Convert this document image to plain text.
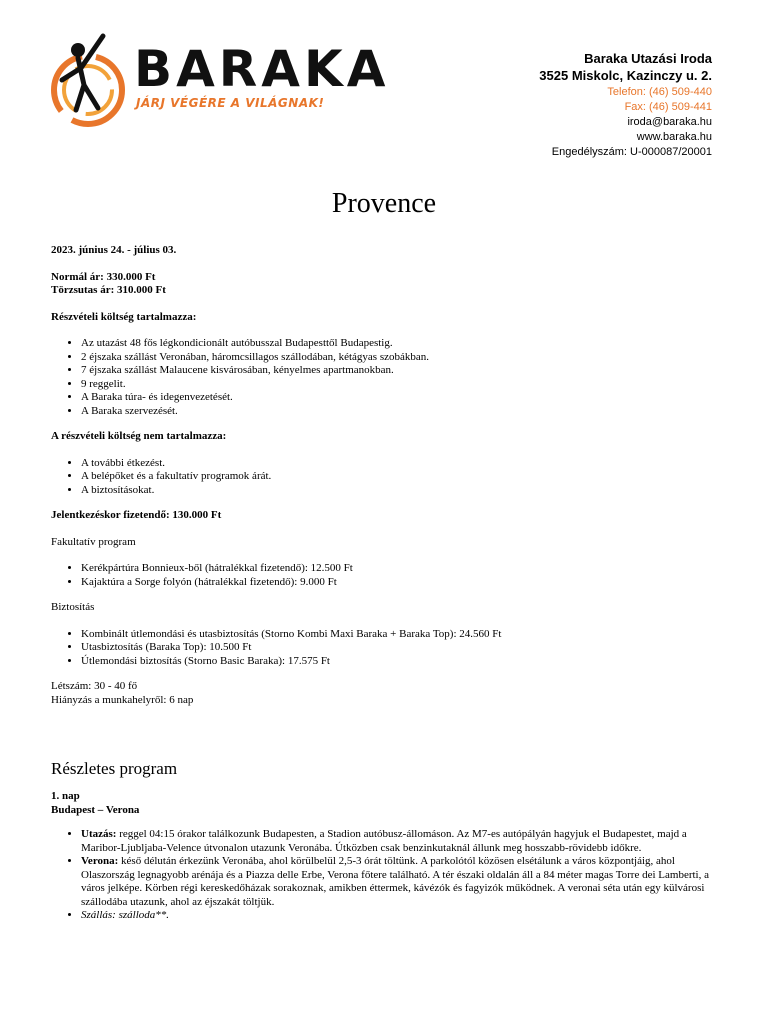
BARAKA
JÁRJ VÉGÉRE A VILÁGNAK!
Baraka Utazási Iroda
3525 Miskolc, Kazinczy u. 2.
Telefon: (46) 509-440
Fax: (46) 509-441
iroda@baraka.hu
www.baraka.hu
Engedélyszám: U-000087/20001
Provence

2023. június 24. - július 03.

Normál ár: 330.000 Ft
Törzsutas ár: 310.000 Ft

Részvételi költség tartalmazza:

• Az utazást 48 fős légkondicionált autóbusszal Budapesttől Budapestig.
• 2 éjszaka szállást Veronában, háromcsillagos szállodában, kétágyas szobákban.
• 7 éjszaka szállást Malaucene kisvárosában, kényelmes apartmanokban.
• 9 reggelit.
• A Baraka túra- és idegenvezetését.
• A Baraka szervezését.

A részvételi költség nem tartalmazza:

• A további étkezést.
• A belépőket és a fakultatív programok árát.
• A biztosításokat.

Jelentkezéskor fizetendő: 130.000 Ft

Fakultatív program

• Kerékpártúra Bonnieux-ből (hátralékkal fizetendő): 12.500 Ft
• Kajaktúra a Sorge folyón (hátralékkal fizetendő): 9.000 Ft

Biztosítás

• Kombinált útlemondási és utasbiztosítás (Storno Kombi Maxi Baraka + Baraka Top): 24.560 Ft
• Utasbiztosítás (Baraka Top): 10.500 Ft
• Útlemondási biztosítás (Storno Basic Baraka): 17.575 Ft

Létszám: 30 - 40 fő
Hiányzás a munkahelyről: 6 nap

Részletes program

1. nap
Budapest – Verona

• Utazás: reggel 04:15 órakor találkozunk Budapesten, a Stadion autóbusz-állomáson. Az M7-es autópályán hagyjuk el Budapestet, majd a Maribor-Ljubljaba-Velence útvonalon utazunk Veronába. Útközben csak benzinkutaknál állunk meg hosszabb-rövidebb időkre.
• Verona: késő délután érkezünk Veronába, ahol körülbelül 2,5-3 órát töltünk. A parkolótól közösen elsétálunk a város központjáig, ahol Olaszország legnagyobb arénája és a Piazza delle Erbe, Verona főtere található. A tér északi oldalán áll a 84 méter magas Torre dei Lamberti, a város jelképe. Körben régi kereskedőházak sorakoznak, amikben éttermek, kávézók és fagyizók működnek. A veronai séta után egy külvárosi szállodába utazunk, ahol az éjszakát töltjük.
• Szállás: szálloda**.
